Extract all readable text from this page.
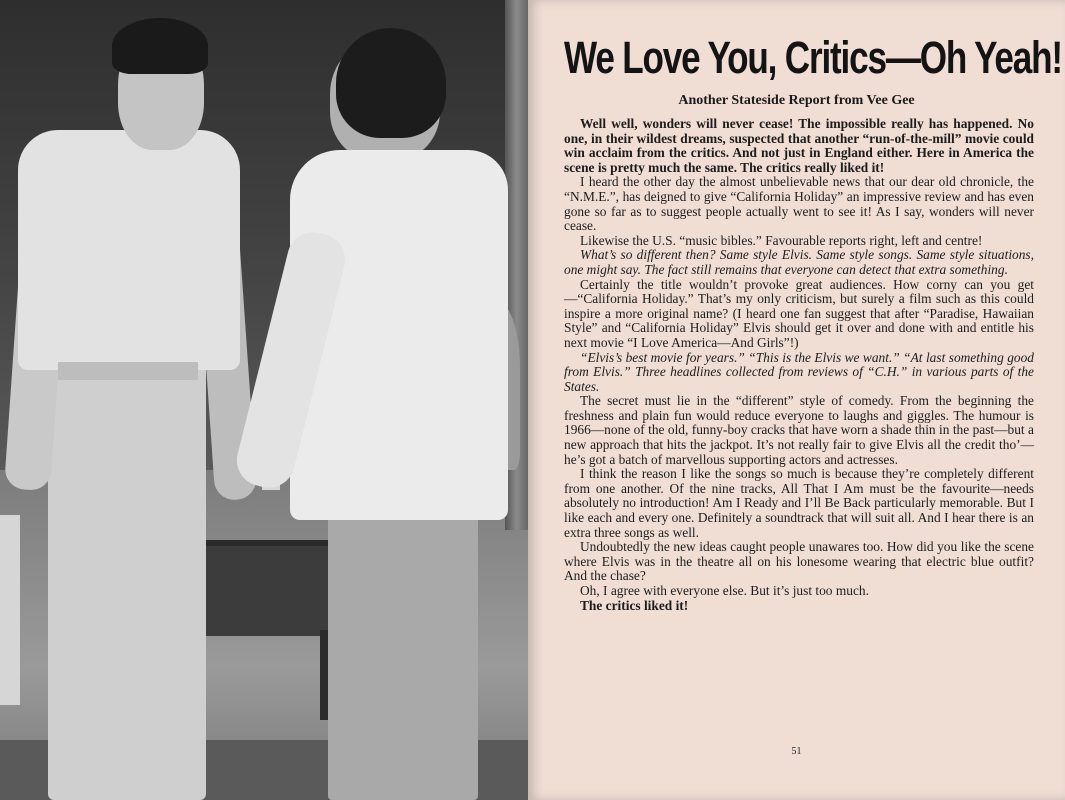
We Love You, Critics—Oh Yeah!
Another Stateside Report from Vee Gee

Well well, wonders will never cease! The impossible really has happened. No one, in their wildest dreams, suspected that another “run-of-the-mill” movie could win acclaim from the critics. And not just in England either. Here in America the scene is pretty much the same. The critics really liked it!

I heard the other day the almost unbelievable news that our dear old chronicle, the “N.M.E.”, has deigned to give “California Holiday” an impressive review and has even gone so far as to suggest people actually went to see it! As I say, wonders will never cease.

Likewise the U.S. “music bibles.” Favourable reports right, left and centre!

What’s so different then? Same style Elvis. Same style songs. Same style situations, one might say. The fact still remains that everyone can detect that extra something.

Certainly the title wouldn’t provoke great audiences. How corny can you get—“California Holiday.” That’s my only criticism, but surely a film such as this could inspire a more original name? (I heard one fan suggest that after “Paradise, Hawaiian Style” and “California Holiday” Elvis should get it over and done with and entitle his next movie “I Love America—And Girls”!)

“Elvis’s best movie for years.” “This is the Elvis we want.” “At last something good from Elvis.” Three headlines collected from reviews of “C.H.” in various parts of the States.

The secret must lie in the “different” style of comedy. From the beginning the freshness and plain fun would reduce everyone to laughs and giggles. The humour is 1966—none of the old, funny-boy cracks that have worn a shade thin in the past—but a new approach that hits the jackpot. It’s not really fair to give Elvis all the credit tho’—he’s got a batch of marvellous supporting actors and actresses.

I think the reason I like the songs so much is because they’re completely different from one another. Of the nine tracks, All That I Am must be the favourite—needs absolutely no introduction! Am I Ready and I’ll Be Back particularly memorable. But I like each and every one. Definitely a soundtrack that will suit all. And I hear there is an extra three songs as well.

Undoubtedly the new ideas caught people unawares too. How did you like the scene where Elvis was in the theatre all on his lonesome wearing that electric blue outfit? And the chase?

Oh, I agree with everyone else. But it’s just too much.

The critics liked it!

51
